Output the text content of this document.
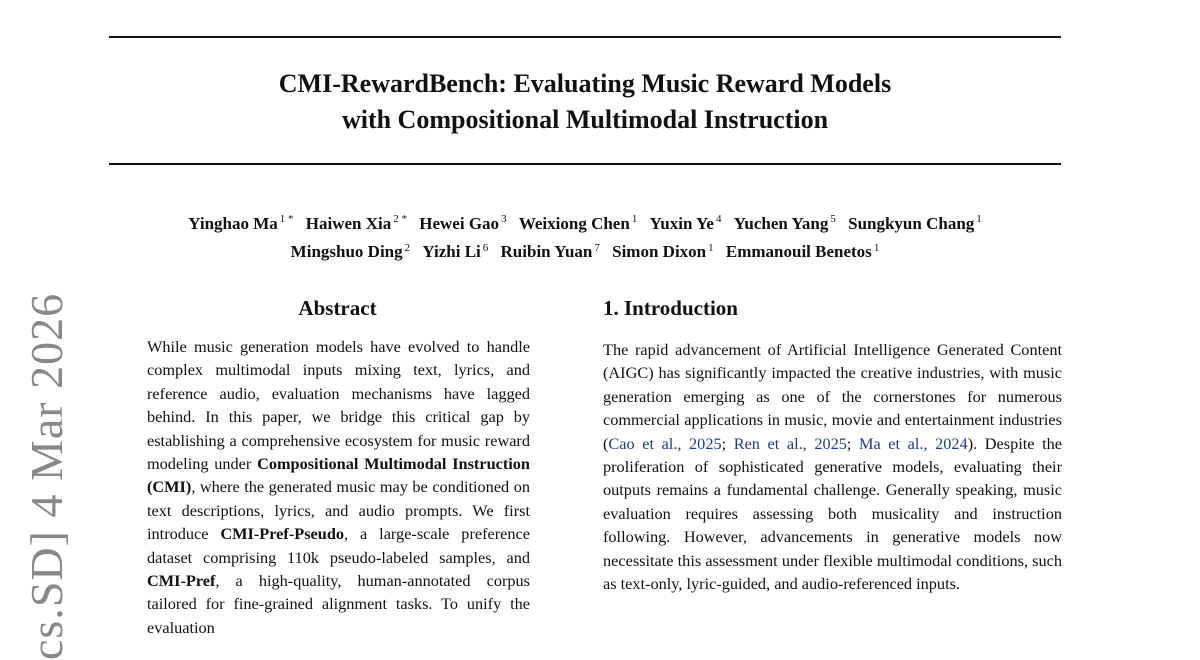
CMI-RewardBench: Evaluating Music Reward Models
with Compositional Multimodal Instruction
Yinghao Ma $^{1 *}$ Haiwen Xia $^{2 *}$ Hewei Gao $^3$ Weixiong Chen $^1$ Yuxin Ye $^4$ Yuchen Yang $^5$ Sungkyun Chang $^1$
Mingshuo Ding $^2$ Yizhi Li $^6$ Ruibin Yuan $^7$ Simon Dixon $^1$ Emmanouil Benetos $^1$
cs.SD] 4 Mar 2026	Abstract
While music generation models have evolved to handle complex multimodal inputs mixing text, lyrics, and reference audio, evaluation mechanisms have lagged behind. In this paper, we bridge this critical gap by establishing a comprehensive ecosystem for music reward modeling under Compositional Multimodal Instruction (CMI), where the generated music may be conditioned on text descriptions, lyrics, and audio prompts. We first introduce CMI-Pref-Pseudo, a large-scale preference dataset comprising 110k pseudo-labeled samples, and CMI-Pref, a high-quality, human-annotated corpus tailored for fine-grained alignment tasks. To unify the evaluation
1. Introduction
The rapid advancement of Artificial Intelligence Generated Content (AIGC) has significantly impacted the creative industries, with music generation emerging as one of the cornerstones for numerous commercial applications in music, movie and entertainment industries (Cao et al., 2025; Ren et al., 2025; Ma et al., 2024). Despite the proliferation of sophisticated generative models, evaluating their outputs remains a fundamental challenge. Generally speaking, music evaluation requires assessing both musicality and instruction following. However, advancements in generative models now necessitate this assessment under flexible multimodal conditions, such as text-only, lyric-guided, and audio-referenced inputs.
